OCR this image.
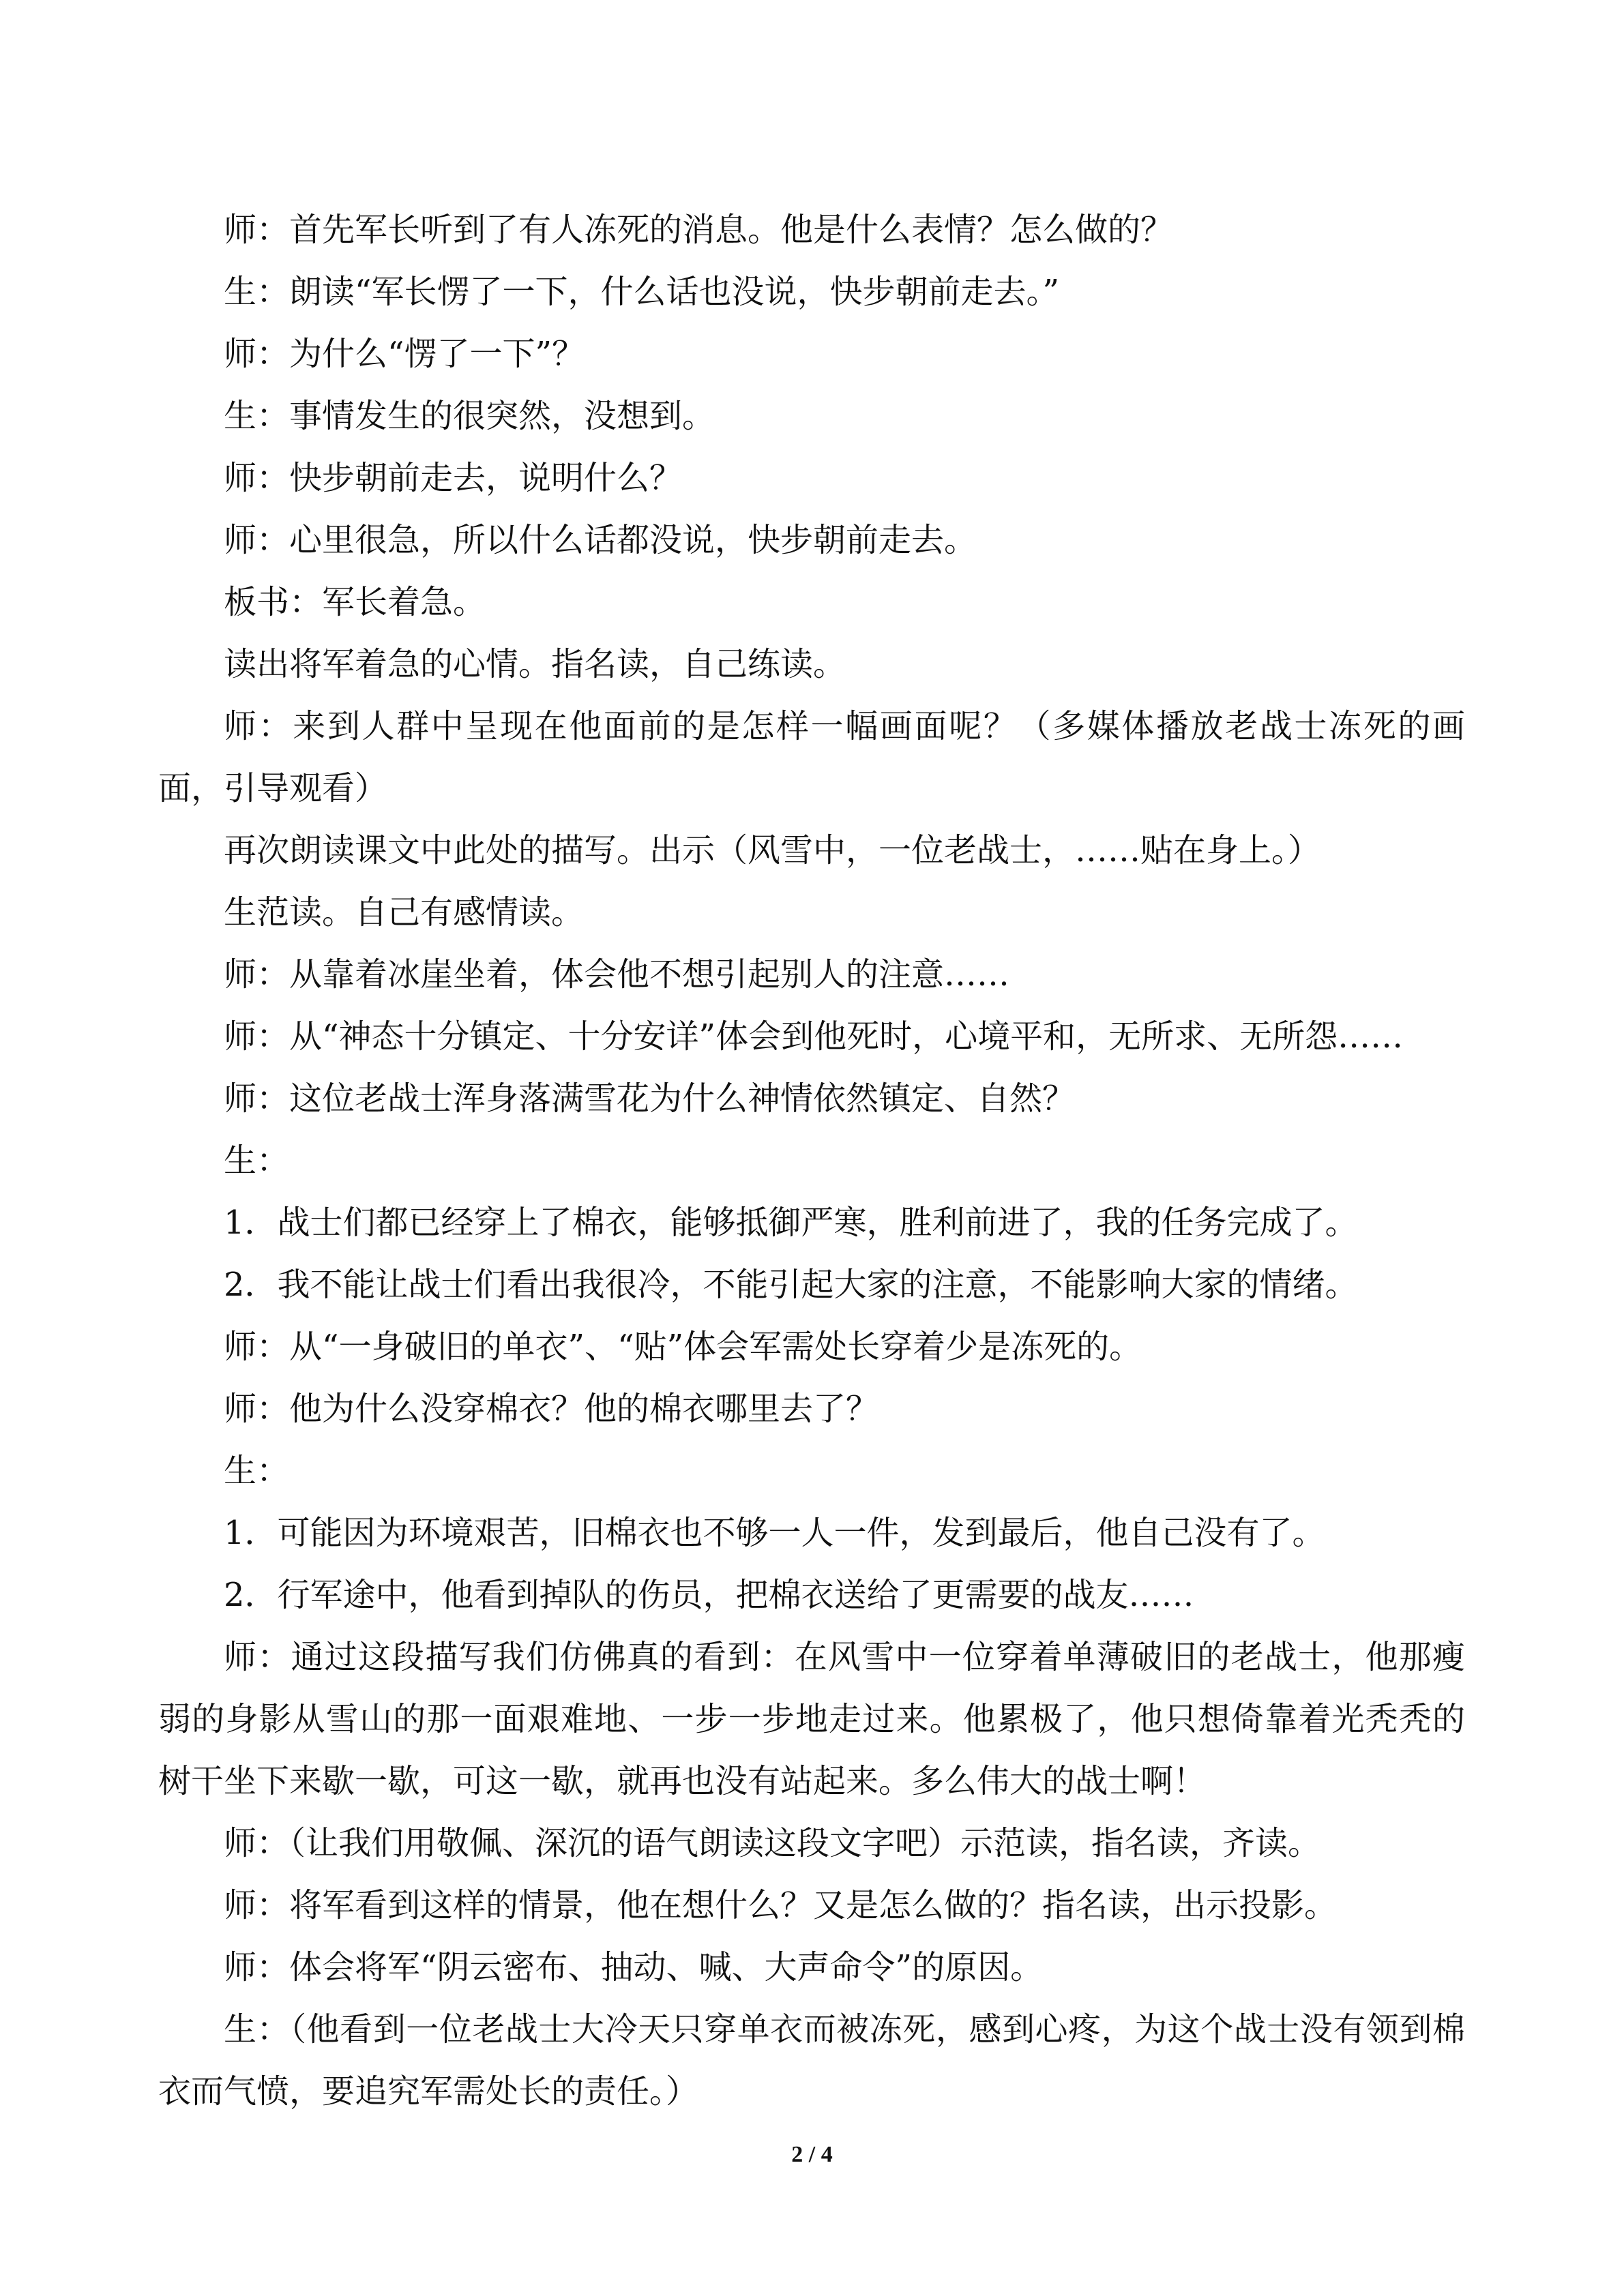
师：首先军长听到了有人冻死的消息。他是什么表情？怎么做的？

生：朗读“军长愣了一下，什么话也没说，快步朝前走去。”

师：为什么“愣了一下”？

生：事情发生的很突然，没想到。

师：快步朝前走去，说明什么？

师：心里很急，所以什么话都没说，快步朝前走去。

板书：军长着急。

读出将军着急的心情。指名读，自己练读。

师：来到人群中呈现在他面前的是怎样一幅画面呢？（多媒体播放老战士冻死的画面，引导观看）

再次朗读课文中此处的描写。出示（风雪中，一位老战士，……贴在身上。）

生范读。自己有感情读。

师：从靠着冰崖坐着，体会他不想引起别人的注意……

师：从“神态十分镇定、十分安详”体会到他死时，心境平和，无所求、无所怨……

师：这位老战士浑身落满雪花为什么神情依然镇定、自然？

生：

1．战士们都已经穿上了棉衣，能够抵御严寒，胜利前进了，我的任务完成了。

2．我不能让战士们看出我很冷，不能引起大家的注意，不能影响大家的情绪。

师：从“一身破旧的单衣”、“贴”体会军需处长穿着少是冻死的。

师：他为什么没穿棉衣？他的棉衣哪里去了？

生：

1．可能因为环境艰苦，旧棉衣也不够一人一件，发到最后，他自己没有了。

2．行军途中，他看到掉队的伤员，把棉衣送给了更需要的战友……

师：通过这段描写我们仿佛真的看到：在风雪中一位穿着单薄破旧的老战士，他那瘦弱的身影从雪山的那一面艰难地、一步一步地走过来。他累极了，他只想倚靠着光秃秃的树干坐下来歇一歇，可这一歇，就再也没有站起来。多么伟大的战士啊！

师：（让我们用敬佩、深沉的语气朗读这段文字吧）示范读，指名读，齐读。

师：将军看到这样的情景，他在想什么？又是怎么做的？指名读，出示投影。

师：体会将军“阴云密布、抽动、喊、大声命令”的原因。

生：（他看到一位老战士大冷天只穿单衣而被冻死，感到心疼，为这个战士没有领到棉衣而气愤，要追究军需处长的责任。）

2 / 4
